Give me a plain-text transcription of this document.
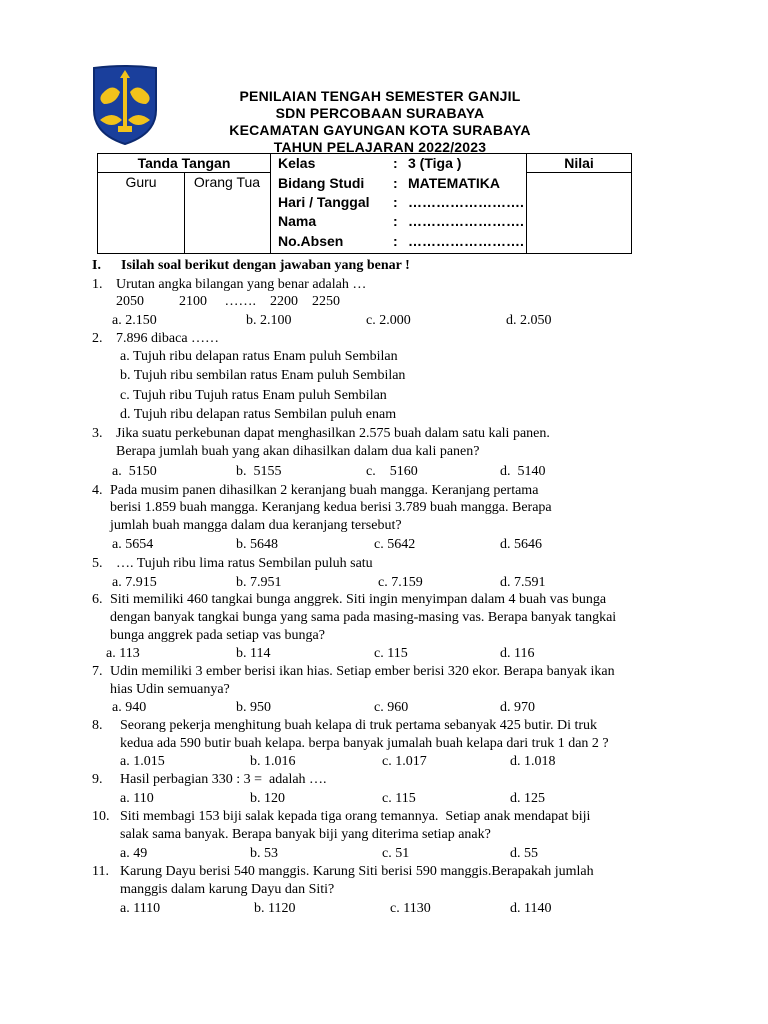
PENILAIAN TENGAH SEMESTER GANJIL
SDN PERCOBAAN SURABAYA
KECAMATAN GAYUNGAN KOTA SURABAYA
TAHUN PELAJARAN 2022/2023
Tanda Tangan
Guru	Orang Tua
Nilai
Kelas	: 3 (Tiga )
Bidang Studi : MATEMATIKA
Hari / Tanggal : …………………….
Nama	: …………………….
No.Absen	: …………………….
I. Isilah soal berikut dengan jawaban yang benar !
1. Urutan angka bilangan yang benar adalah …
2050          2100     …….    2200    2250
a. 2.150	b. 2.100	c. 2.000	d. 2.050
2. 7.896 dibaca ……
a. Tujuh ribu delapan ratus Enam puluh Sembilan
b. Tujuh ribu sembilan ratus Enam puluh Sembilan
c. Tujuh ribu Tujuh ratus Enam puluh Sembilan
d. Tujuh ribu delapan ratus Sembilan puluh enam
3. Jika suatu perkebunan dapat menghasilkan 2.575 buah dalam satu kali panen.
Berapa jumlah buah yang akan dihasilkan dalam dua kali panen?
a.  5150	b.  5155	c.    5160	d.  5140
4. Pada musim panen dihasilkan 2 keranjang buah mangga. Keranjang pertama
berisi 1.859 buah mangga. Keranjang kedua berisi 3.789 buah mangga. Berapa
jumlah buah mangga dalam dua keranjang tersebut?
a. 5654	b. 5648	c. 5642	d. 5646
5. …. Tujuh ribu lima ratus Sembilan puluh satu
a. 7.915	b. 7.951	c. 7.159	d. 7.591
6. Siti memiliki 460 tangkai bunga anggrek. Siti ingin menyimpan dalam 4 buah vas bunga
dengan banyak tangkai bunga yang sama pada masing-masing vas. Berapa banyak tangkai
bunga anggrek pada setiap vas bunga?
a. 113	b. 114	c. 115	d. 116
7. Udin memiliki 3 ember berisi ikan hias. Setiap ember berisi 320 ekor. Berapa banyak ikan
hias Udin semuanya?
a. 940	b. 950	c. 960	d. 970
8. Seorang pekerja menghitung buah kelapa di truk pertama sebanyak 425 butir. Di truk
kedua ada 590 butir buah kelapa. berpa banyak jumalah buah kelapa dari truk 1 dan 2 ?
a. 1.015	b. 1.016	c. 1.017	d. 1.018
9. Hasil perbagian 330 : 3 =  adalah ….
a. 110	b. 120	c. 115	d. 125
10. Siti membagi 153 biji salak kepada tiga orang temannya.  Setiap anak mendapat biji
salak sama banyak. Berapa banyak biji yang diterima setiap anak?
a. 49	b. 53	c. 51	d. 55
11. Karung Dayu berisi 540 manggis. Karung Siti berisi 590 manggis.Berapakah jumlah
manggis dalam karung Dayu dan Siti?
a. 1110	b. 1120	c. 1130	d. 1140
